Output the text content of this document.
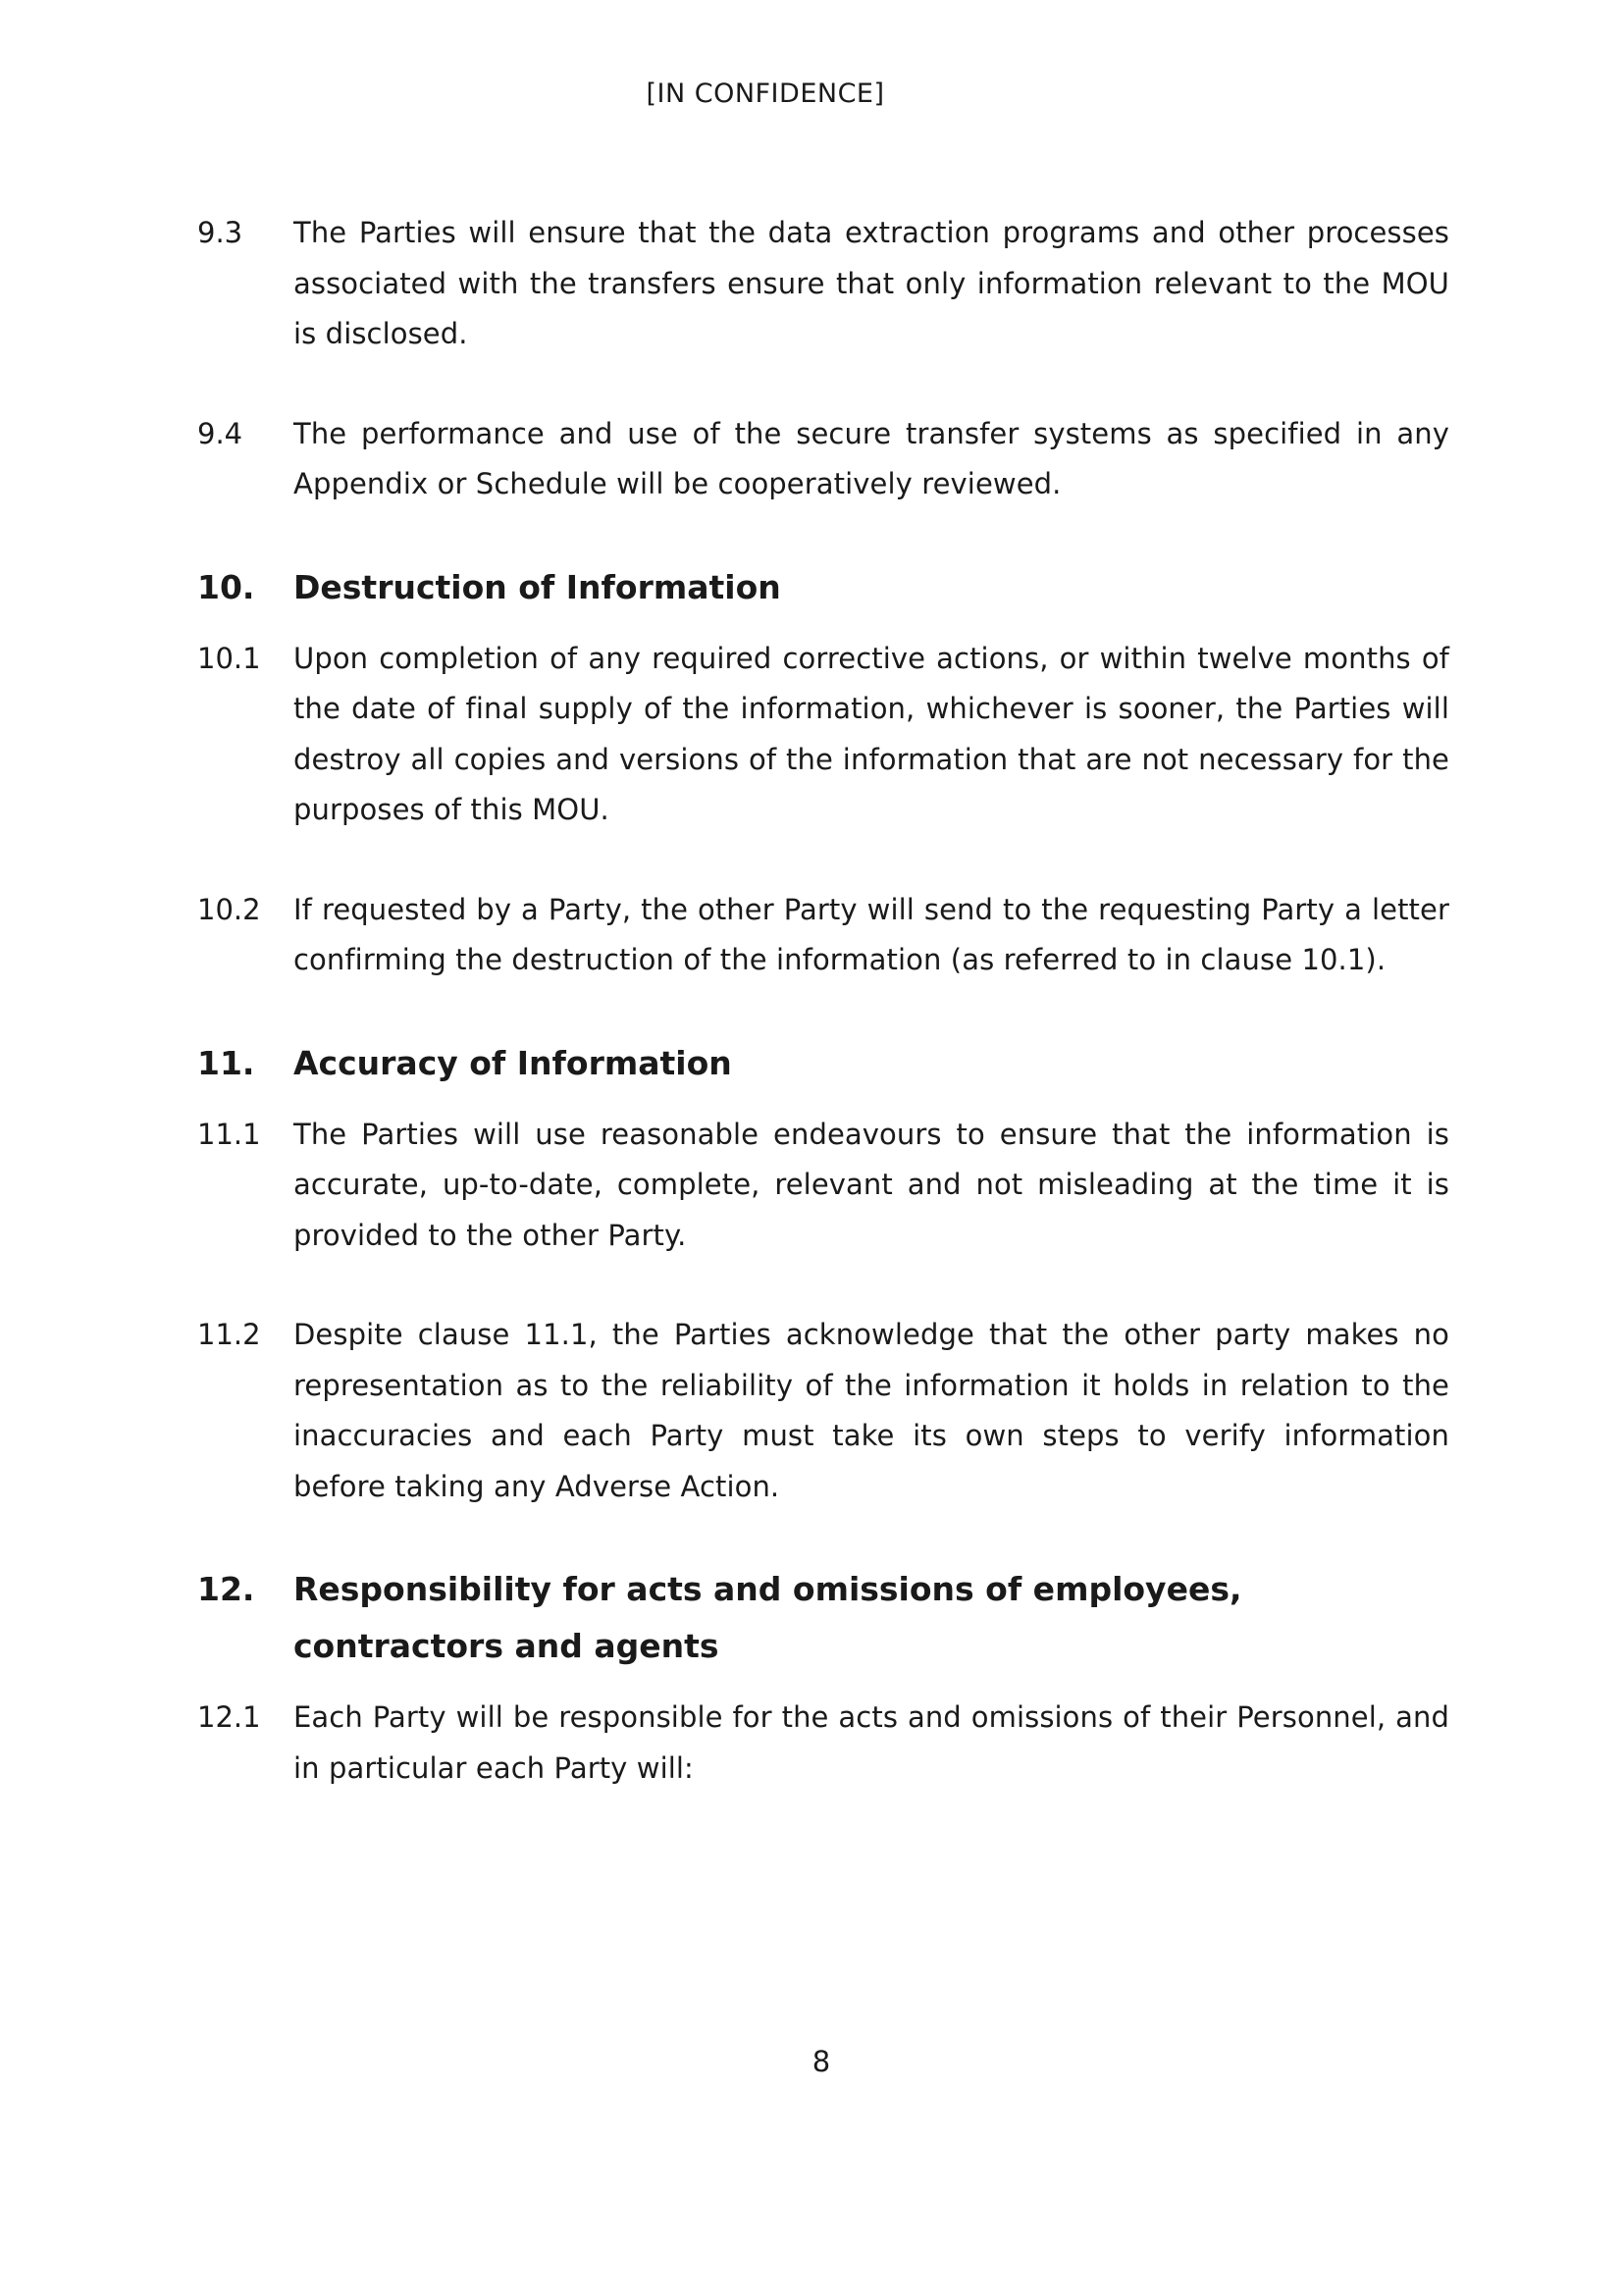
[IN CONFIDENCE]
9.3	The Parties will ensure that the data extraction programs and other processes associated with the transfers ensure that only information relevant to the MOU is disclosed.
9.4	The performance and use of the secure transfer systems as specified in any Appendix or Schedule will be cooperatively reviewed.
10.	Destruction of Information
10.1	Upon completion of any required corrective actions, or within twelve months of the date of final supply of the information, whichever is sooner, the Parties will destroy all copies and versions of the information that are not necessary for the purposes of this MOU.
10.2	If requested by a Party, the other Party will send to the requesting Party a letter confirming the destruction of the information (as referred to in clause 10.1).
11.	Accuracy of Information
11.1	The Parties will use reasonable endeavours to ensure that the information is accurate, up-to-date, complete, relevant and not misleading at the time it is provided to the other Party.
11.2	Despite clause 11.1, the Parties acknowledge that the other party makes no representation as to the reliability of the information it holds in relation to the inaccuracies and each Party must take its own steps to verify information before taking any Adverse Action.
12.	Responsibility for acts and omissions of employees, contractors and agents
12.1	Each Party will be responsible for the acts and omissions of their Personnel, and in particular each Party will:
8
